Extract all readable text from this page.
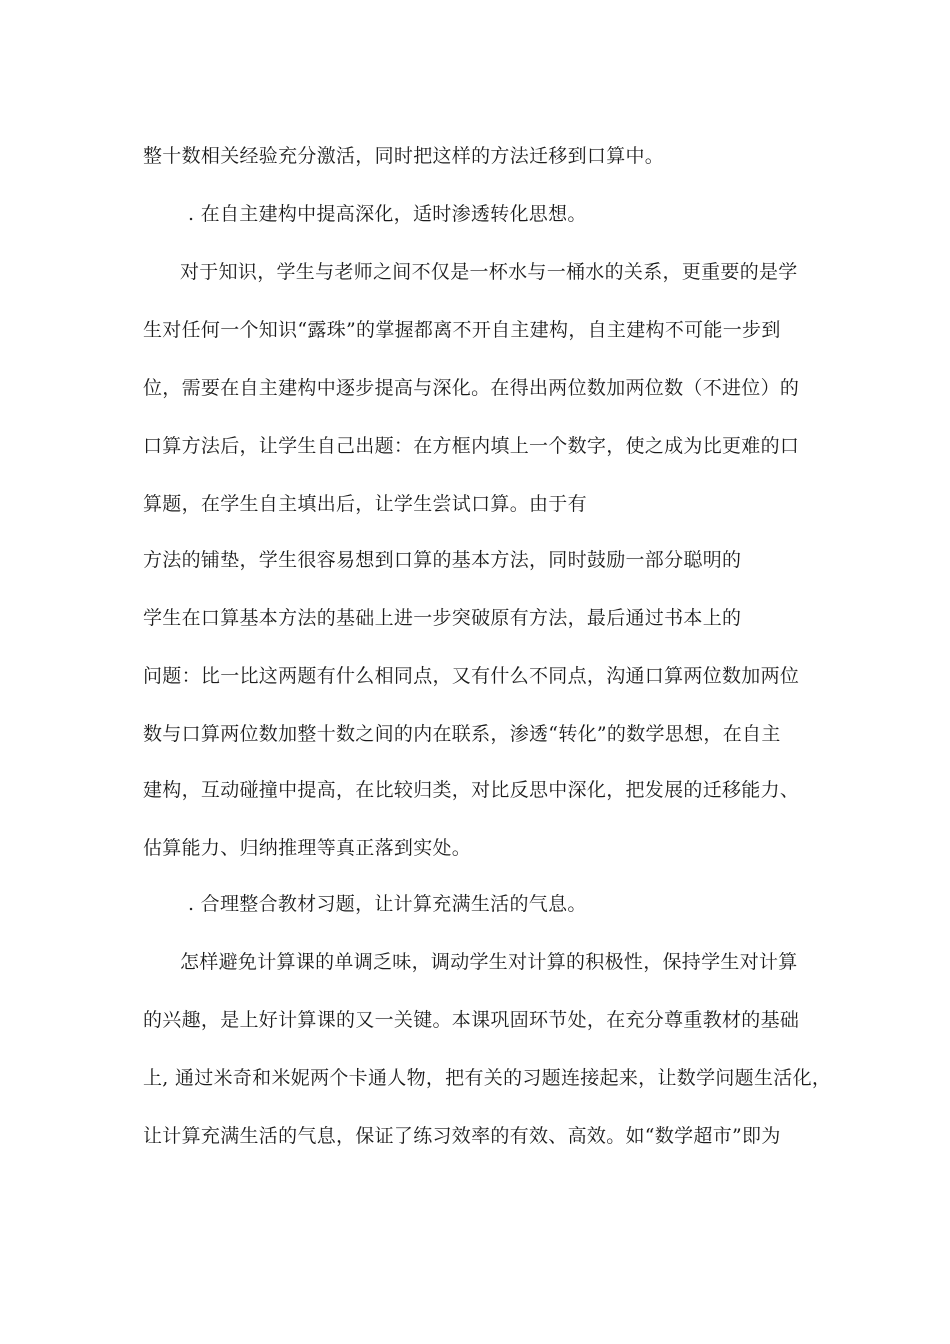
整十数相关经验充分激活，同时把这样的方法迁移到口算中。
. 在自主建构中提高深化，适时渗透转化思想。
对于知识，学生与老师之间不仅是一杯水与一桶水的关系，更重要的是学
生对任何一个知识“露珠”的掌握都离不开自主建构，自主建构不可能一步到
位，需要在自主建构中逐步提高与深化。在得出两位数加两位数（不进位）的
口算方法后，让学生自己出题：在方框内填上一个数字，使之成为比更难的口
算题，在学生自主填出后，让学生尝试口算。由于有
方法的铺垫，学生很容易想到口算的基本方法，同时鼓励一部分聪明的
学生在口算基本方法的基础上进一步突破原有方法，最后通过书本上的
问题：比一比这两题有什么相同点，又有什么不同点，沟通口算两位数加两位
数与口算两位数加整十数之间的内在联系，渗透“转化”的数学思想，在自主
建构，互动碰撞中提高，在比较归类，对比反思中深化，把发展的迁移能力、
估算能力、归纳推理等真正落到实处。
. 合理整合教材习题，让计算充满生活的气息。
怎样避免计算课的单调乏味，调动学生对计算的积极性，保持学生对计算
的兴趣，是上好计算课的又一关键。本课巩固环节处，在充分尊重教材的基础
上, 通过米奇和米妮两个卡通人物，把有关的习题连接起来，让数学问题生活化，
让计算充满生活的气息，保证了练习效率的有效、高效。如“数学超市”即为
